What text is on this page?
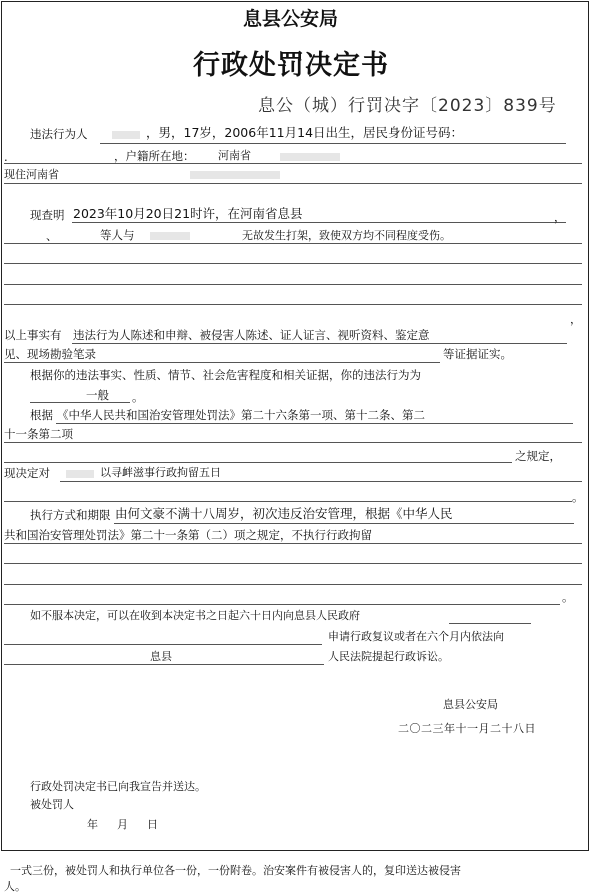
息县公安局
行政处罚决定书
息公（城）行罚决字〔2023〕839号
违法行为人	，男，17岁，2006年11月14日出生，居民身份证号码：
.	，户籍所在地： 河南省
现住河南省
现查明 2023年10月20日21时许，在河南省息县	，
、	等人与	无故发生打架，致使双方均不同程度受伤。
，
以上事实有 违法行为人陈述和申辩、被侵害人陈述、证人证言、视听资料、鉴定意
见、现场勘验笔录	等证据证实。
根据你的违法事实、性质、情节、社会危害程度和相关证据，你的违法行为为
一般 。
根据 《中华人民共和国治安管理处罚法》第二十六条第一项、第十二条、第二
十一条第二项
之规定，
现决定对	以寻衅滋事行政拘留五日
。
执行方式和期限 由何文豪不满十八周岁，初次违反治安管理，根据《中华人民
共和国治安管理处罚法》第二十一条第（二）项之规定，不执行行政拘留
。
如不服本决定，可以在收到本决定书之日起六十日内向息县人民政府
申请行政复议或者在六个月内依法向
息县	人民法院提起行政诉讼。
息县公安局
二〇二三年十一月二十八日
行政处罚决定书已向我宣告并送达。
被处罚人
年　月　日
一式三份，被处罚人和执行单位各一份，一份附卷。治安案件有被侵害人的，复印送达被侵害
人。
